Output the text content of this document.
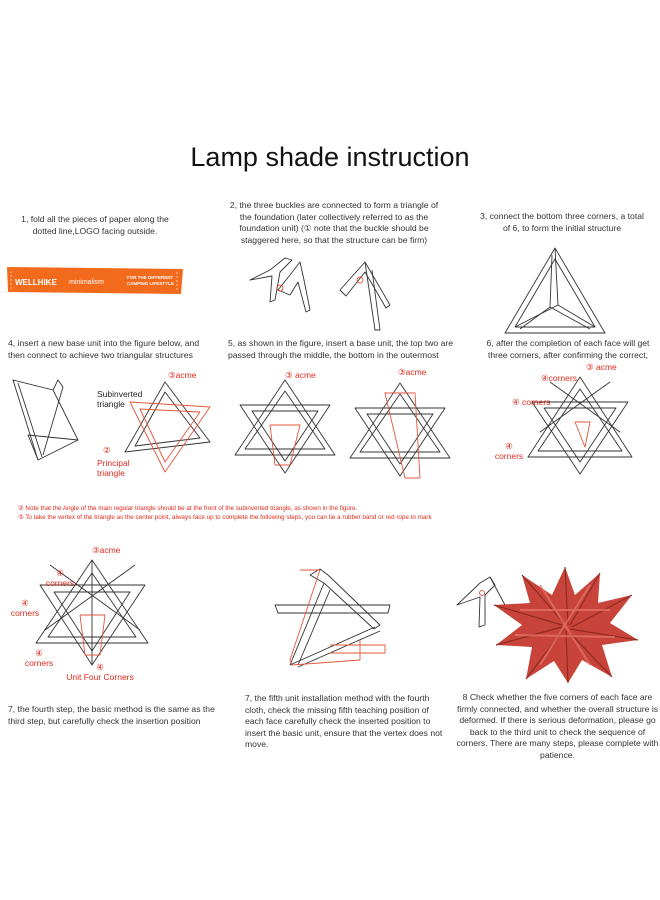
Lamp shade instruction
1, fold all the pieces of paper along the dotted line,LOGO facing outside.
WELLHIKE minimalism
FOR THE DIFFERENT
CAMPING LIFESTYLE
2, the three buckles are connected to form a triangle of the foundation (later collectively referred to as the foundation unit) (① note that the buckle should be staggered here, so that the structure can be firm)
3, connect the bottom three corners, a total of 6, to form the initial structure
4, insert a new base unit into the figure below, and then connect to achieve two triangular structures
Subinverted triangle
③acme
②
Principal triangle
5, as shown in the figure, insert a base unit, the top two are passed through the middle, the bottom in the outermost
③ acme	③acme
6, after the completion of each face will get three corners, after confirming the correct,
③ acme
④corners
④ corners
④
corners
② Note that the Angle of the main regular triangle should be at the front of the subinverted triangle, as shown in the figure.
③ To take the vertex of the triangle as the center point, always face up to complete the following steps, you can tie a rubber band or red rope to mark
③acme
④
corners
④
corners
④
corners	④
Unit Four Corners
7, the fourth step, the basic method is the same as the third step, but carefully check the insertion position
7, the fifth unit installation method with the fourth cloth, check the missing fifth teaching position of each face carefully check the inserted position to insert the basic unit, ensure that the vertex does not move.
8 Check whether the five corners of each face are firmly connected, and whether the overall structure is deformed. If there is serious deformation, please go back to the third unit to check the sequence of corners. There are many steps, please complete with patience.
